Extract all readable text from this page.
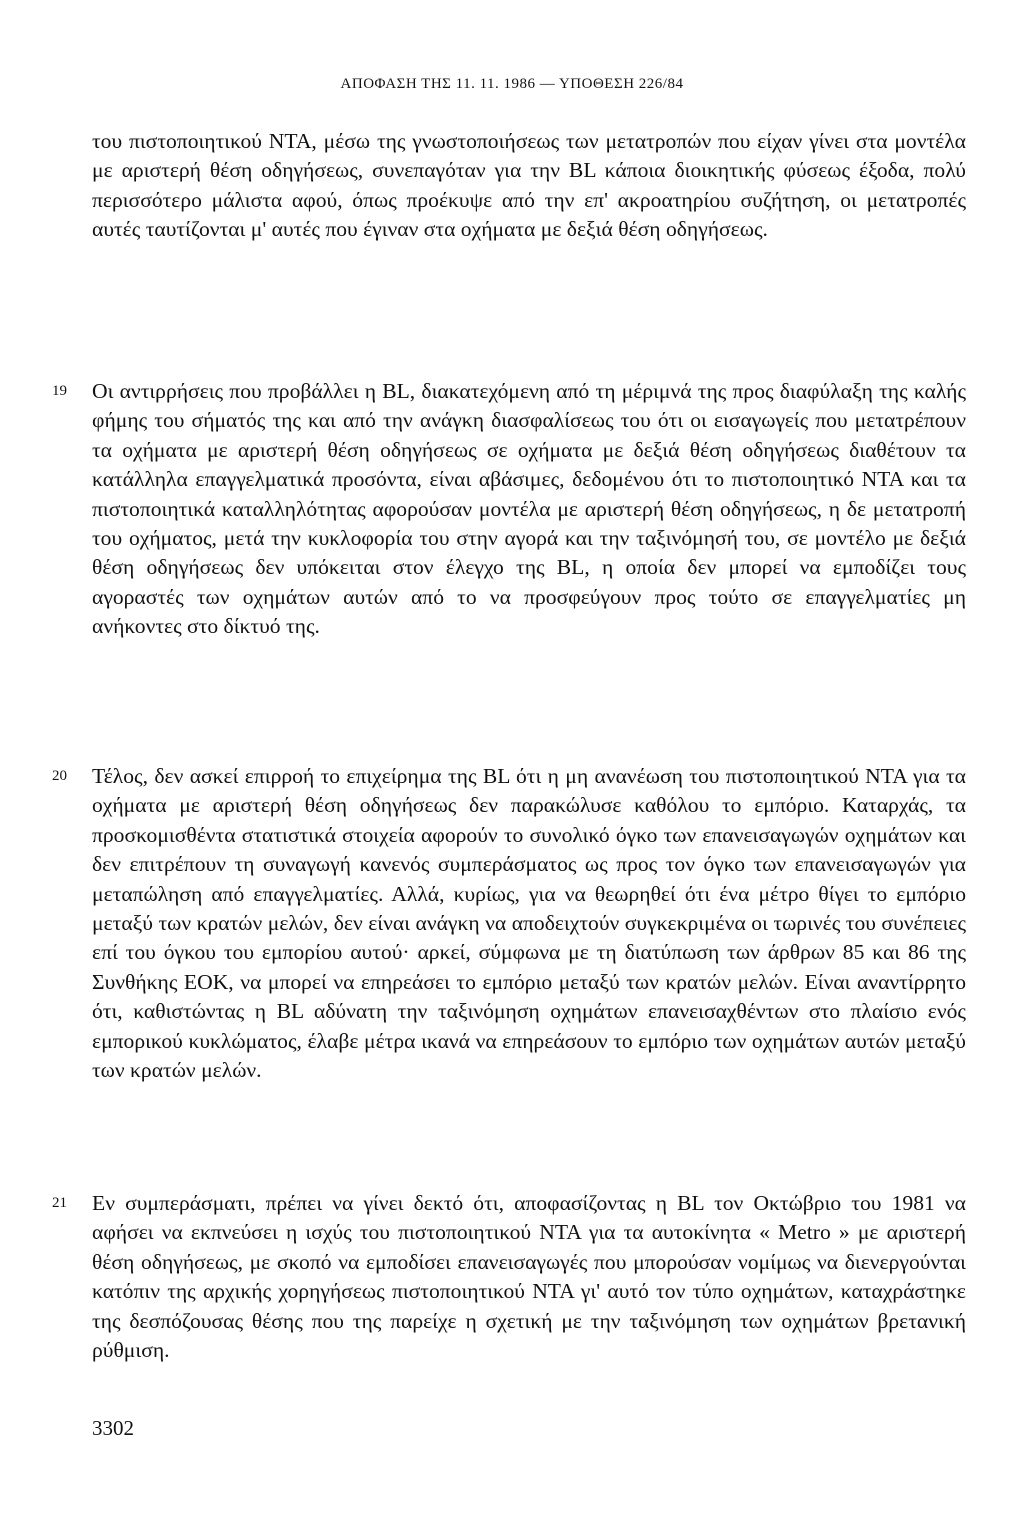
ΑΠΟΦΑΣΗ ΤΗΣ 11. 11. 1986 — ΥΠΟΘΕΣΗ 226/84
του πιστοποιητικού ΝΤΑ, μέσω της γνωστοποιήσεως των μετατροπών που είχαν γίνει στα μοντέλα με αριστερή θέση οδηγήσεως, συνεπαγόταν για την BL κάποια διοικητικής φύσεως έξοδα, πολύ περισσότερο μάλιστα αφού, όπως προέκυψε από την επ' ακροατηρίου συζήτηση, οι μετατροπές αυτές ταυτίζονται μ' αυτές που έγιναν στα οχήματα με δεξιά θέση οδηγήσεως.
19 Οι αντιρρήσεις που προβάλλει η BL, διακατεχόμενη από τη μέριμνά της προς διαφύλαξη της καλής φήμης του σήματός της και από την ανάγκη διασφαλίσεως του ότι οι εισαγωγείς που μετατρέπουν τα οχήματα με αριστερή θέση οδηγήσεως σε οχήματα με δεξιά θέση οδηγήσεως διαθέτουν τα κατάλληλα επαγγελματικά προσόντα, είναι αβάσιμες, δεδομένου ότι το πιστοποιητικό ΝΤΑ και τα πιστοποιητικά καταλληλότητας αφορούσαν μοντέλα με αριστερή θέση οδηγήσεως, η δε μετατροπή του οχήματος, μετά την κυκλοφορία του στην αγορά και την ταξινόμησή του, σε μοντέλο με δεξιά θέση οδηγήσεως δεν υπόκειται στον έλεγχο της BL, η οποία δεν μπορεί να εμποδίζει τους αγοραστές των οχημάτων αυτών από το να προσφεύγουν προς τούτο σε επαγγελματίες μη ανήκοντες στο δίκτυό της.
20 Τέλος, δεν ασκεί επιρροή το επιχείρημα της BL ότι η μη ανανέωση του πιστοποιητικού ΝΤΑ για τα οχήματα με αριστερή θέση οδηγήσεως δεν παρακώλυσε καθόλου το εμπόριο. Καταρχάς, τα προσκομισθέντα στατιστικά στοιχεία αφορούν το συνολικό όγκο των επανεισαγωγών οχημάτων και δεν επιτρέπουν τη συναγωγή κανενός συμπεράσματος ως προς τον όγκο των επανεισαγωγών για μεταπώληση από επαγγελματίες. Αλλά, κυρίως, για να θεωρηθεί ότι ένα μέτρο θίγει το εμπόριο μεταξύ των κρατών μελών, δεν είναι ανάγκη να αποδειχτούν συγκεκριμένα οι τωρινές του συνέπειες επί του όγκου του εμπορίου αυτού· αρκεί, σύμφωνα με τη διατύπωση των άρθρων 85 και 86 της Συνθήκης ΕΟΚ, να μπορεί να επηρεάσει το εμπόριο μεταξύ των κρατών μελών. Είναι αναντίρρητο ότι, καθιστώντας η BL αδύνατη την ταξινόμηση οχημάτων επανεισαχθέντων στο πλαίσιο ενός εμπορικού κυκλώματος, έλαβε μέτρα ικανά να επηρεάσουν το εμπόριο των οχημάτων αυτών μεταξύ των κρατών μελών.
21 Εν συμπεράσματι, πρέπει να γίνει δεκτό ότι, αποφασίζοντας η BL τον Οκτώβριο του 1981 να αφήσει να εκπνεύσει η ισχύς του πιστοποιητικού ΝΤΑ για τα αυτοκίνητα « Metro » με αριστερή θέση οδηγήσεως, με σκοπό να εμποδίσει επανεισαγωγές που μπορούσαν νομίμως να διενεργούνται κατόπιν της αρχικής χορηγήσεως πιστοποιητικού ΝΤΑ γι' αυτό τον τύπο οχημάτων, καταχράστηκε της δεσπόζουσας θέσης που της παρείχε η σχετική με την ταξινόμηση των οχημάτων βρετανική ρύθμιση.
3302
